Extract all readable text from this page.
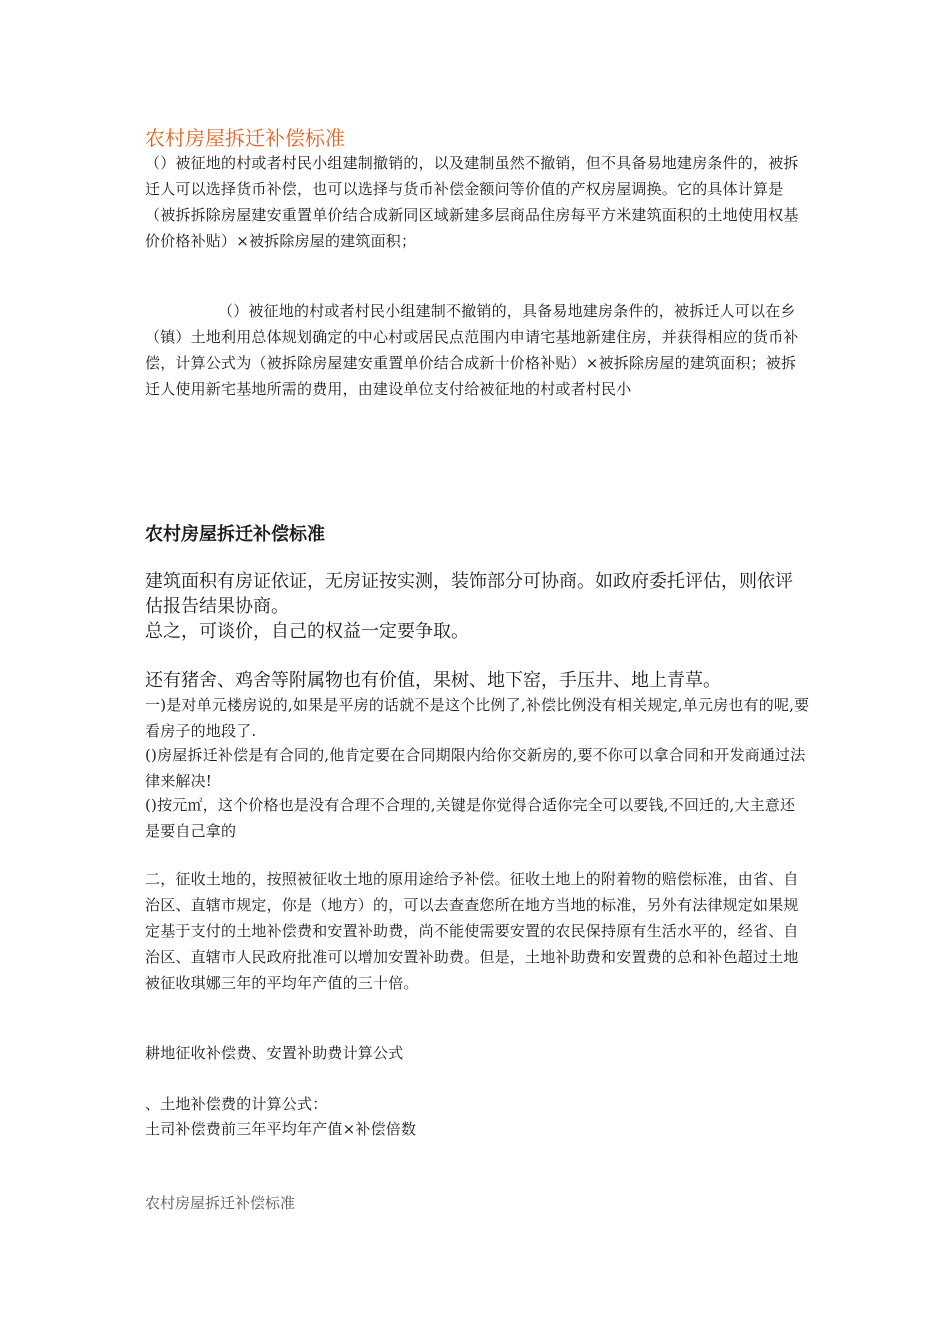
农村房屋拆迁补偿标准

（）被征地的村或者村民小组建制撤销的，以及建制虽然不撤销，但不具备易地建房条件的，被拆迁人可以选择货币补偿，也可以选择与货币补偿金额问等价值的产权房屋调换。它的具体计算是（被拆拆除房屋建安重置单价结合成新同区域新建多层商品住房每平方米建筑面积的土地使用权基价价格补贴）×被拆除房屋的建筑面积；

（）被征地的村或者村民小组建制不撤销的，具备易地建房条件的，被拆迁人可以在乡（镇）土地利用总体规划确定的中心村或居民点范围内申请宅基地新建住房，并获得相应的货币补偿，计算公式为（被拆除房屋建安重置单价结合成新十价格补贴）×被拆除房屋的建筑面积；被拆迁人使用新宅基地所需的费用，由建设单位支付给被征地的村或者村民小

农村房屋拆迁补偿标准

建筑面积有房证依证，无房证按实测，装饰部分可协商。如政府委托评估，则依评估报告结果协商。

总之，可谈价，自己的权益一定要争取。

还有猪舍、鸡舍等附属物也有价值，果树、地下窑，手压井、地上青草。

一)是对单元楼房说的,如果是平房的话就不是这个比例了,补偿比例没有相关规定,单元房也有的呢,要看房子的地段了.

()房屋拆迁补偿是有合同的,他肯定要在合同期限内给你交新房的,要不你可以拿合同和开发商通过法律来解决!

()按元㎡，这个价格也是没有合理不合理的,关键是你觉得合适你完全可以要钱,不回迁的,大主意还是要自己拿的

二，征收土地的，按照被征收土地的原用途给予补偿。征收土地上的附着物的赔偿标准，由省、自治区、直辖市规定，你是（地方）的，可以去查查您所在地方当地的标准，另外有法律规定如果规定基于支付的土地补偿费和安置补助费，尚不能使需要安置的农民保持原有生活水平的，经省、自治区、直辖市人民政府批准可以增加安置补助费。但是，土地补助费和安置费的总和补色超过土地被征收琪娜三年的平均年产值的三十倍。

耕地征收补偿费、安置补助费计算公式

、土地补偿费的计算公式：

土司补偿费前三年平均年产值×补偿倍数

农村房屋拆迁补偿标准
